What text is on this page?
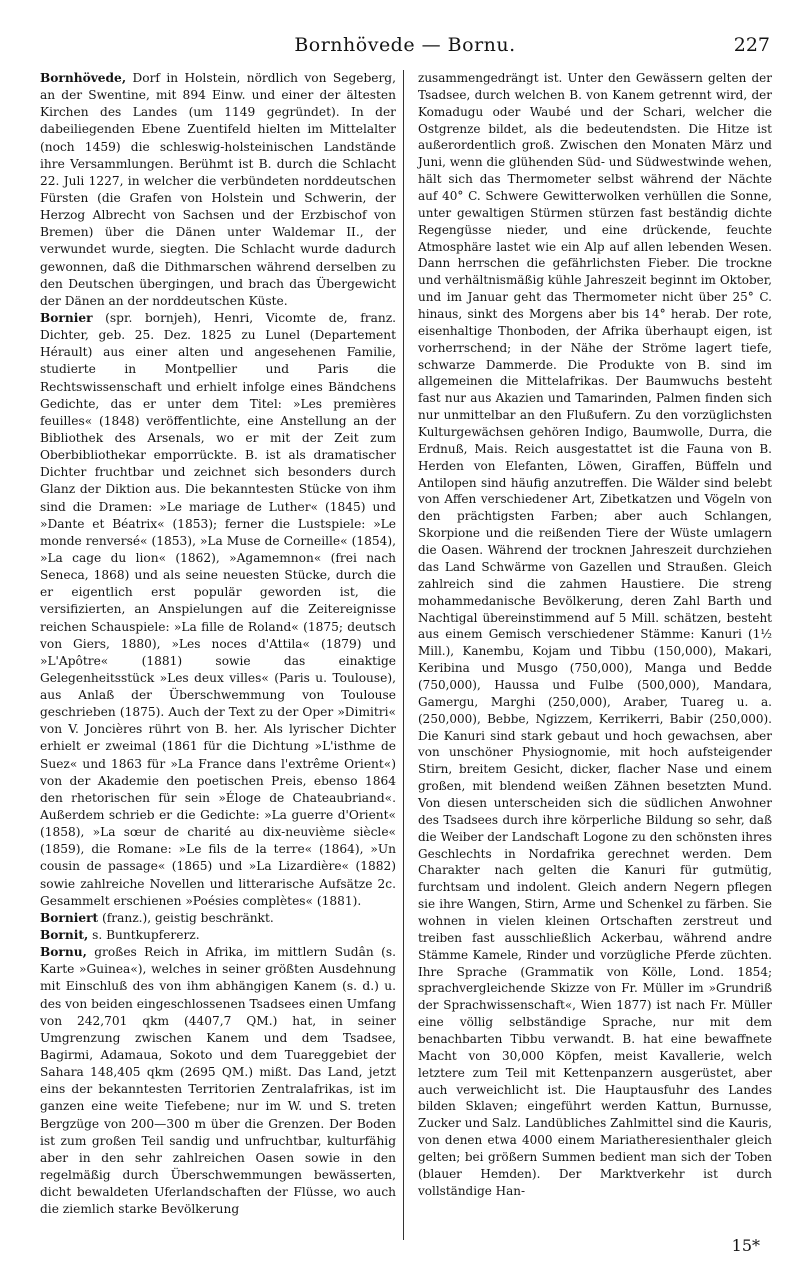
Bornhövede — Bornu.	227

Bornhövede, Dorf in Holstein, nördlich von Segeberg, an der Swentine, mit 894 Einw. und einer der ältesten Kirchen des Landes (um 1149 gegründet). In der dabeiliegenden Ebene Zuentifeld hielten im Mittelalter (noch 1459) die schleswig-holsteinischen Landstände ihre Versammlungen. Berühmt ist B. durch die Schlacht 22. Juli 1227, in welcher die verbündeten norddeutschen Fürsten (die Grafen von Holstein und Schwerin, der Herzog Albrecht von Sachsen und der Erzbischof von Bremen) über die Dänen unter Waldemar II., der verwundet wurde, siegten. Die Schlacht wurde dadurch gewonnen, daß die Dithmarschen während derselben zu den Deutschen übergingen, und brach das Übergewicht der Dänen an der norddeutschen Küste.

Bornier (spr. bornjeh), Henri, Vicomte de, franz. Dichter, geb. 25. Dez. 1825 zu Lunel (Departement Hérault) aus einer alten und angesehenen Familie, studierte in Montpellier und Paris die Rechtswissenschaft und erhielt infolge eines Bändchens Gedichte, das er unter dem Titel: »Les premières feuilles« (1848) veröffentlichte, eine Anstellung an der Bibliothek des Arsenals, wo er mit der Zeit zum Oberbibliothekar emporrückte. B. ist als dramatischer Dichter fruchtbar und zeichnet sich besonders durch Glanz der Diktion aus. Die bekanntesten Stücke von ihm sind die Dramen: »Le mariage de Luther« (1845) und »Dante et Béatrix« (1853); ferner die Lustspiele: »Le monde renversé« (1853), »La Muse de Corneille« (1854), »La cage du lion« (1862), »Agamemnon« (frei nach Seneca, 1868) und als seine neuesten Stücke, durch die er eigentlich erst populär geworden ist, die versifizierten, an Anspielungen auf die Zeitereignisse reichen Schauspiele: »La fille de Roland« (1875; deutsch von Giers, 1880), »Les noces d'Attila« (1879) und »L'Apôtre« (1881) sowie das einaktige Gelegenheitsstück »Les deux villes« (Paris u. Toulouse), aus Anlaß der Überschwemmung von Toulouse geschrieben (1875). Auch der Text zu der Oper »Dimitri« von V. Joncières rührt von B. her. Als lyrischer Dichter erhielt er zweimal (1861 für die Dichtung »L'isthme de Suez« und 1863 für »La France dans l'extrême Orient«) von der Akademie den poetischen Preis, ebenso 1864 den rhetorischen für sein »Éloge de Chateaubriand«. Außerdem schrieb er die Gedichte: »La guerre d'Orient« (1858), »La sœur de charité au dix-neuvième siècle« (1859), die Romane: »Le fils de la terre« (1864), »Un cousin de passage« (1865) und »La Lizardière« (1882) sowie zahlreiche Novellen und litterarische Aufsätze 2c. Gesammelt erschienen »Poésies complètes« (1881).

Borniert (franz.), geistig beschränkt.

Bornit, s. Buntkupfererz.

Bornu, großes Reich in Afrika, im mittlern Sudân (s. Karte »Guinea«), welches in seiner größten Ausdehnung mit Einschluß des von ihm abhängigen Kanem (s. d.) u. des von beiden eingeschlossenen Tsadsees einen Umfang von 242,701 qkm (4407,7 QM.) hat, in seiner Umgrenzung zwischen Kanem und dem Tsadsee, Bagirmi, Adamaua, Sokoto und dem Tuareggebiet der Sahara 148,405 qkm (2695 QM.) mißt. Das Land, jetzt eins der bekanntesten Territorien Zentralafrikas, ist im ganzen eine weite Tiefebene; nur im W. und S. treten Bergzüge von 200—300 m über die Grenzen. Der Boden ist zum großen Teil sandig und unfruchtbar, kulturfähig aber in den sehr zahlreichen Oasen sowie in den regelmäßig durch Überschwemmungen bewässerten, dicht bewaldeten Uferlandschaften der Flüsse, wo auch die ziemlich starke Bevölkerung

zusammengedrängt ist. Unter den Gewässern gelten der Tsadsee, durch welchen B. von Kanem getrennt wird, der Komadugu oder Waubé und der Schari, welcher die Ostgrenze bildet, als die bedeutendsten. Die Hitze ist außerordentlich groß. Zwischen den Monaten März und Juni, wenn die glühenden Süd- und Südwestwinde wehen, hält sich das Thermometer selbst während der Nächte auf 40° C. Schwere Gewitterwolken verhüllen die Sonne, unter gewaltigen Stürmen stürzen fast beständig dichte Regengüsse nieder, und eine drückende, feuchte Atmosphäre lastet wie ein Alp auf allen lebenden Wesen. Dann herrschen die gefährlichsten Fieber. Die trockne und verhältnismäßig kühle Jahreszeit beginnt im Oktober, und im Januar geht das Thermometer nicht über 25° C. hinaus, sinkt des Morgens aber bis 14° herab. Der rote, eisenhaltige Thonboden, der Afrika überhaupt eigen, ist vorherrschend; in der Nähe der Ströme lagert tiefe, schwarze Dammerde. Die Produkte von B. sind im allgemeinen die Mittelafrikas. Der Baumwuchs besteht fast nur aus Akazien und Tamarinden, Palmen finden sich nur unmittelbar an den Flußufern. Zu den vorzüglichsten Kulturgewächsen gehören Indigo, Baumwolle, Durra, die Erdnuß, Mais. Reich ausgestattet ist die Fauna von B. Herden von Elefanten, Löwen, Giraffen, Büffeln und Antilopen sind häufig anzutreffen. Die Wälder sind belebt von Affen verschiedener Art, Zibetkatzen und Vögeln von den prächtigsten Farben; aber auch Schlangen, Skorpione und die reißenden Tiere der Wüste umlagern die Oasen. Während der trocknen Jahreszeit durchziehen das Land Schwärme von Gazellen und Straußen. Gleich zahlreich sind die zahmen Haustiere. Die streng mohammedanische Bevölkerung, deren Zahl Barth und Nachtigal übereinstimmend auf 5 Mill. schätzen, besteht aus einem Gemisch verschiedener Stämme: Kanuri (1½ Mill.), Kanembu, Kojam und Tibbu (150,000), Makari, Keribina und Musgo (750,000), Manga und Bedde (750,000), Haussa und Fulbe (500,000), Mandara, Gamergu, Marghi (250,000), Araber, Tuareg u. a. (250,000), Bebbe, Ngizzem, Kerrikerri, Babir (250,000). Die Kanuri sind stark gebaut und hoch gewachsen, aber von unschöner Physiognomie, mit hoch aufsteigender Stirn, breitem Gesicht, dicker, flacher Nase und einem großen, mit blendend weißen Zähnen besetzten Mund. Von diesen unterscheiden sich die südlichen Anwohner des Tsadsees durch ihre körperliche Bildung so sehr, daß die Weiber der Landschaft Logone zu den schönsten ihres Geschlechts in Nordafrika gerechnet werden. Dem Charakter nach gelten die Kanuri für gutmütig, furchtsam und indolent. Gleich andern Negern pflegen sie ihre Wangen, Stirn, Arme und Schenkel zu färben. Sie wohnen in vielen kleinen Ortschaften zerstreut und treiben fast ausschließlich Ackerbau, während andre Stämme Kamele, Rinder und vorzügliche Pferde züchten. Ihre Sprache (Grammatik von Kölle, Lond. 1854; sprachvergleichende Skizze von Fr. Müller im »Grundriß der Sprachwissenschaft«, Wien 1877) ist nach Fr. Müller eine völlig selbständige Sprache, nur mit dem benachbarten Tibbu verwandt. B. hat eine bewaffnete Macht von 30,000 Köpfen, meist Kavallerie, welch letztere zum Teil mit Kettenpanzern ausgerüstet, aber auch verweichlicht ist. Die Hauptausfuhr des Landes bilden Sklaven; eingeführt werden Kattun, Burnusse, Zucker und Salz. Landübliches Zahlmittel sind die Kauris, von denen etwa 4000 einem Mariatheresienthaler gleich gelten; bei größern Summen bedient man sich der Toben (blauer Hemden). Der Marktverkehr ist durch vollständige Han-

15*
